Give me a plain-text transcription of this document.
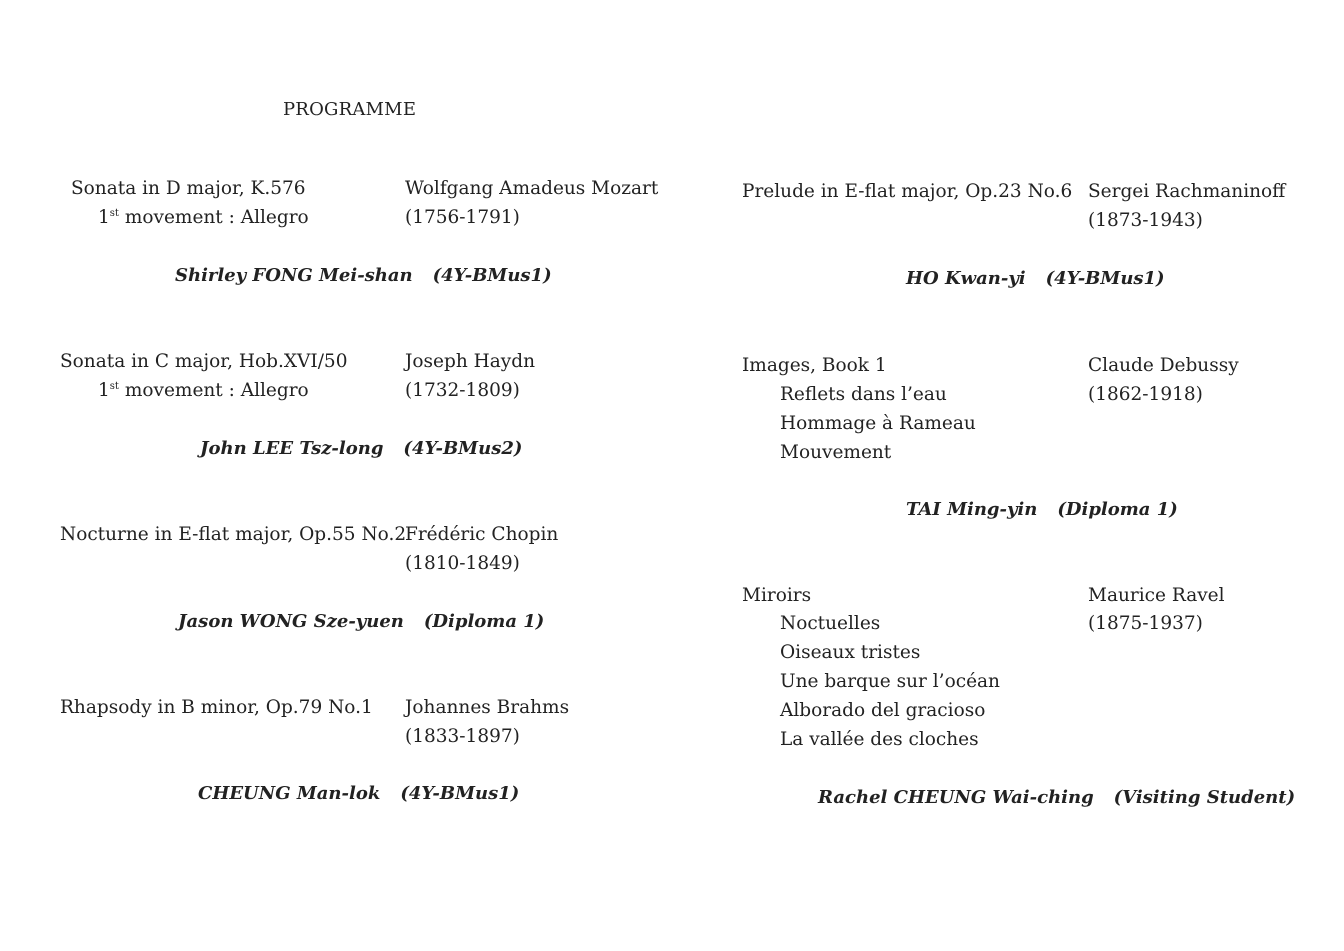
PROGRAMME
Sonata in D major, K.576
1st movement : Allegro
Wolfgang Amadeus Mozart
(1756-1791)
Shirley FONG Mei-shan (4Y-BMus1)
Sonata in C major, Hob.XVI/50
1st movement : Allegro
Joseph Haydn
(1732-1809)
John LEE Tsz-long (4Y-BMus2)
Nocturne in E-flat major, Op.55 No.2
Frédéric Chopin
(1810-1849)
Jason WONG Sze-yuen (Diploma 1)
Rhapsody in B minor, Op.79 No.1 Johannes Brahms
(1833-1897)
CHEUNG Man-lok (4Y-BMus1)
Prelude in E-flat major, Op.23 No.6 Sergei Rachmaninoff
(1873-1943)
HO Kwan-yi (4Y-BMus1)
Images, Book 1
Reflets dans l’eau
Hommage à Rameau
Mouvement
Claude Debussy
(1862-1918)
TAI Ming-yin (Diploma 1)
Miroirs
Noctuelles
Oiseaux tristes
Une barque sur l’océan
Alborado del gracioso
La vallée des cloches
Maurice Ravel
(1875-1937)
Rachel CHEUNG Wai-ching (Visiting Student)
